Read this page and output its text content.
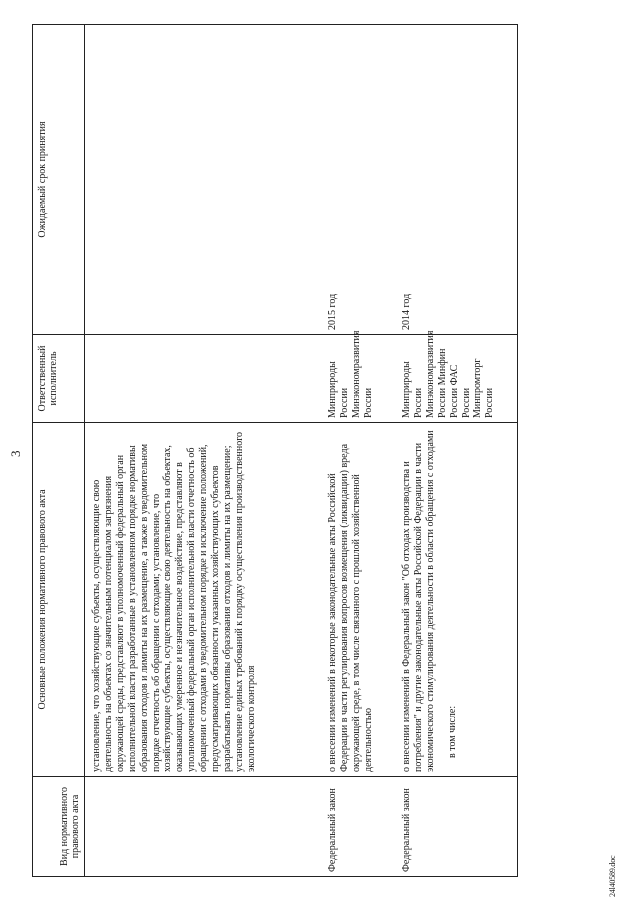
3
Вид нормативного правового акта	Основные положения нормативного правового акта	Ответственный исполнитель	Ожидаемый срок принятия
	установление, что хозяйствующие субъекты, осуществляющие свою деятельность на объектах со значительным потенциалом загрязнения окружающей среды, представляют в уполномоченный федеральный орган исполнительной власти разработанные в установленном порядке нормативы образования отходов и лимиты на их размещение, а также в уведомительном порядке отчетность об обращении с отходами; установление, что хозяйствующие субъекты, осуществляющие свою деятельность на объектах, оказывающих умеренное и незначительное воздействие, представляют в уполномоченный федеральный орган исполнительной власти отчетность об обращении с отходами в уведомительном порядке и исключение положений, предусматривающих обязанности указанных хозяйствующих субъектов разрабатывать нормативы образования отходов и лимиты на их размещение; установление единых требований к порядку осуществления производственного экологического контроля		
Федеральный закон	о внесении изменений в некоторые законодательные акты Российской Федерации в части регулирования вопросов возмещения (ликвидации) вреда окружающей среде, в том числе связанного с прошлой хозяйственной деятельностью	Минприроды России Минэкономразвития России	2015 год
Федеральный закон	о внесении изменений в Федеральный закон "Об отходах производства и потребления" и другие законодательные акты Российской Федерации в части экономического стимулирования деятельности в области обращения с отходами в том числе:	Минприроды России Минэкономразвития России Минфин России ФАС России Минпромторг России	2014 год
24l40589.doc
